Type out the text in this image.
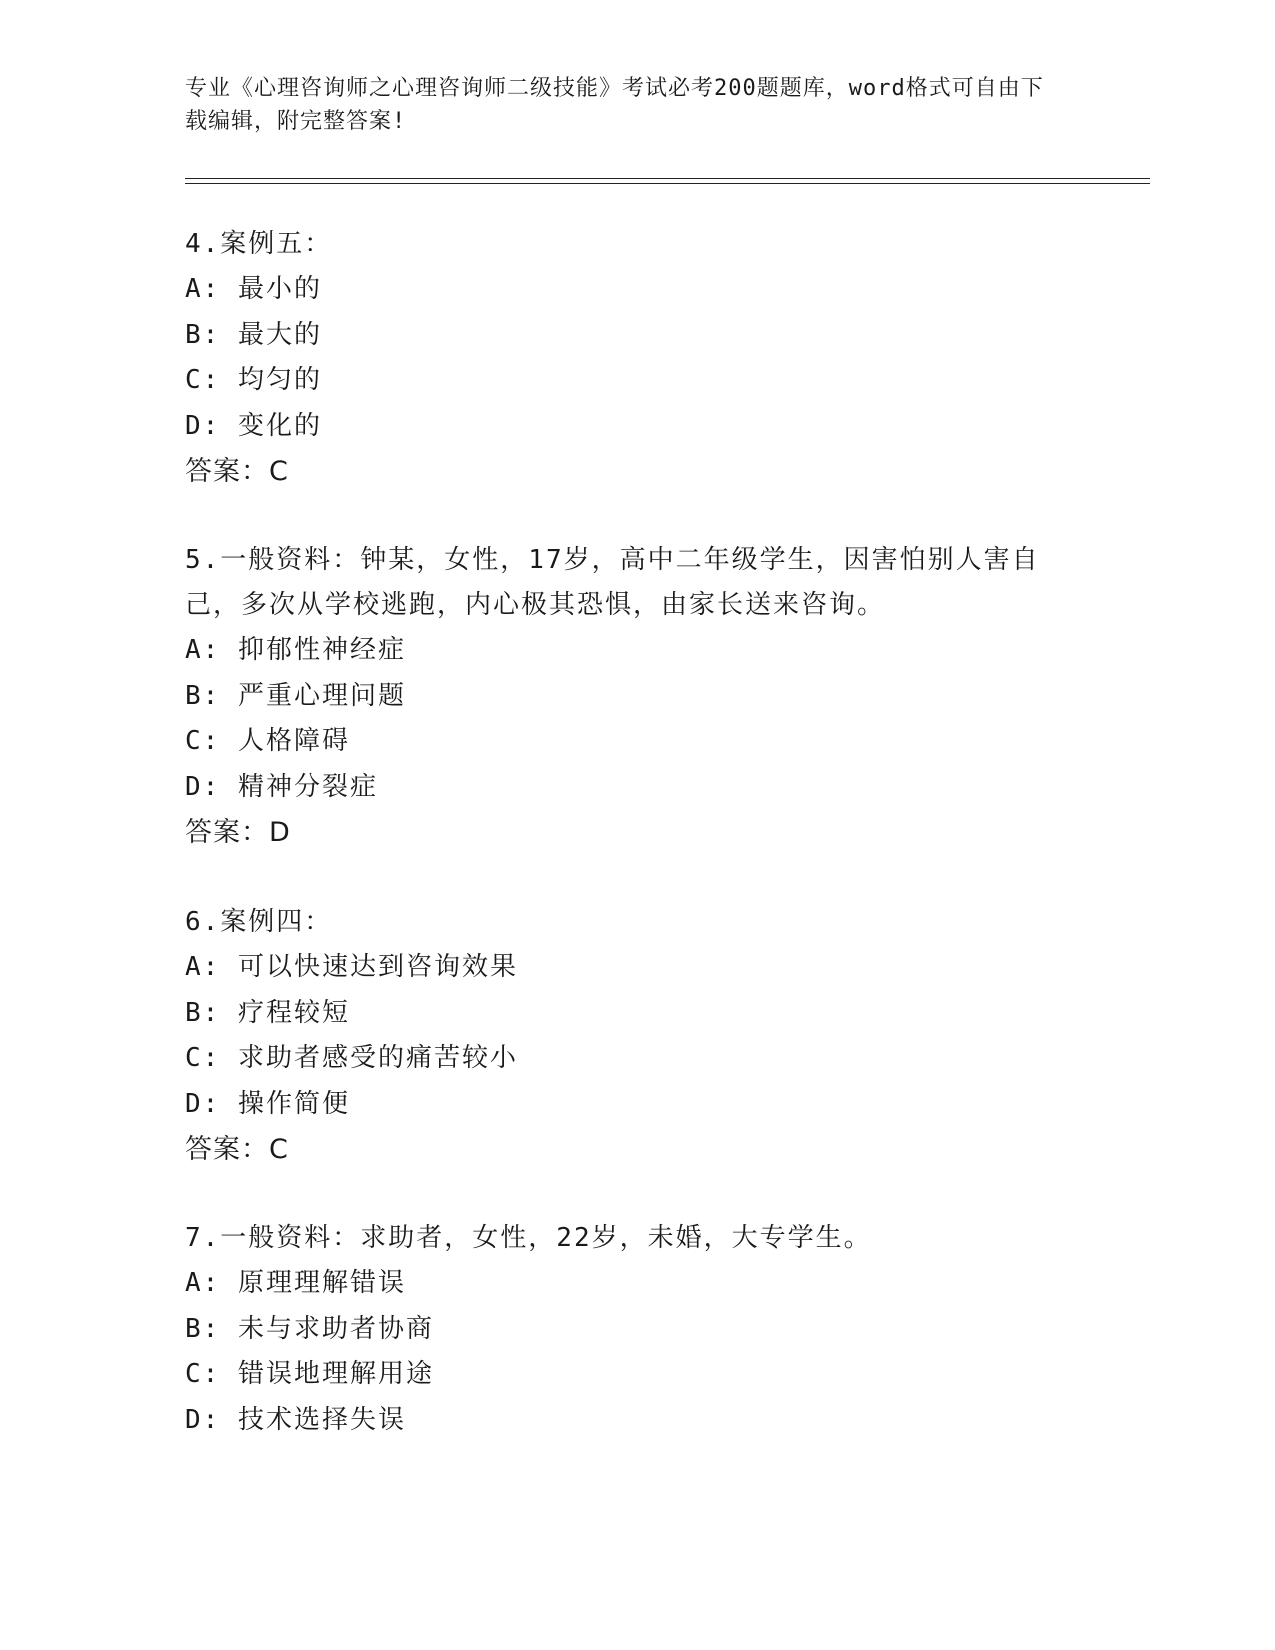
专业《心理咨询师之心理咨询师二级技能》考试必考200题题库，word格式可自由下载编辑，附完整答案!

4.案例五：

A: 最小的

B: 最大的

C: 均匀的

D: 变化的

答案：C

5.一般资料：钟某，女性，17岁，高中二年级学生，因害怕别人害自己，多次从学校逃跑，内心极其恐惧，由家长送来咨询。

A: 抑郁性神经症

B: 严重心理问题

C: 人格障碍

D: 精神分裂症

答案：D

6.案例四：

A: 可以快速达到咨询效果

B: 疗程较短

C: 求助者感受的痛苦较小

D: 操作简便

答案：C

7.一般资料：求助者，女性，22岁，未婚，大专学生。

A: 原理理解错误

B: 未与求助者协商

C: 错误地理解用途

D: 技术选择失误
